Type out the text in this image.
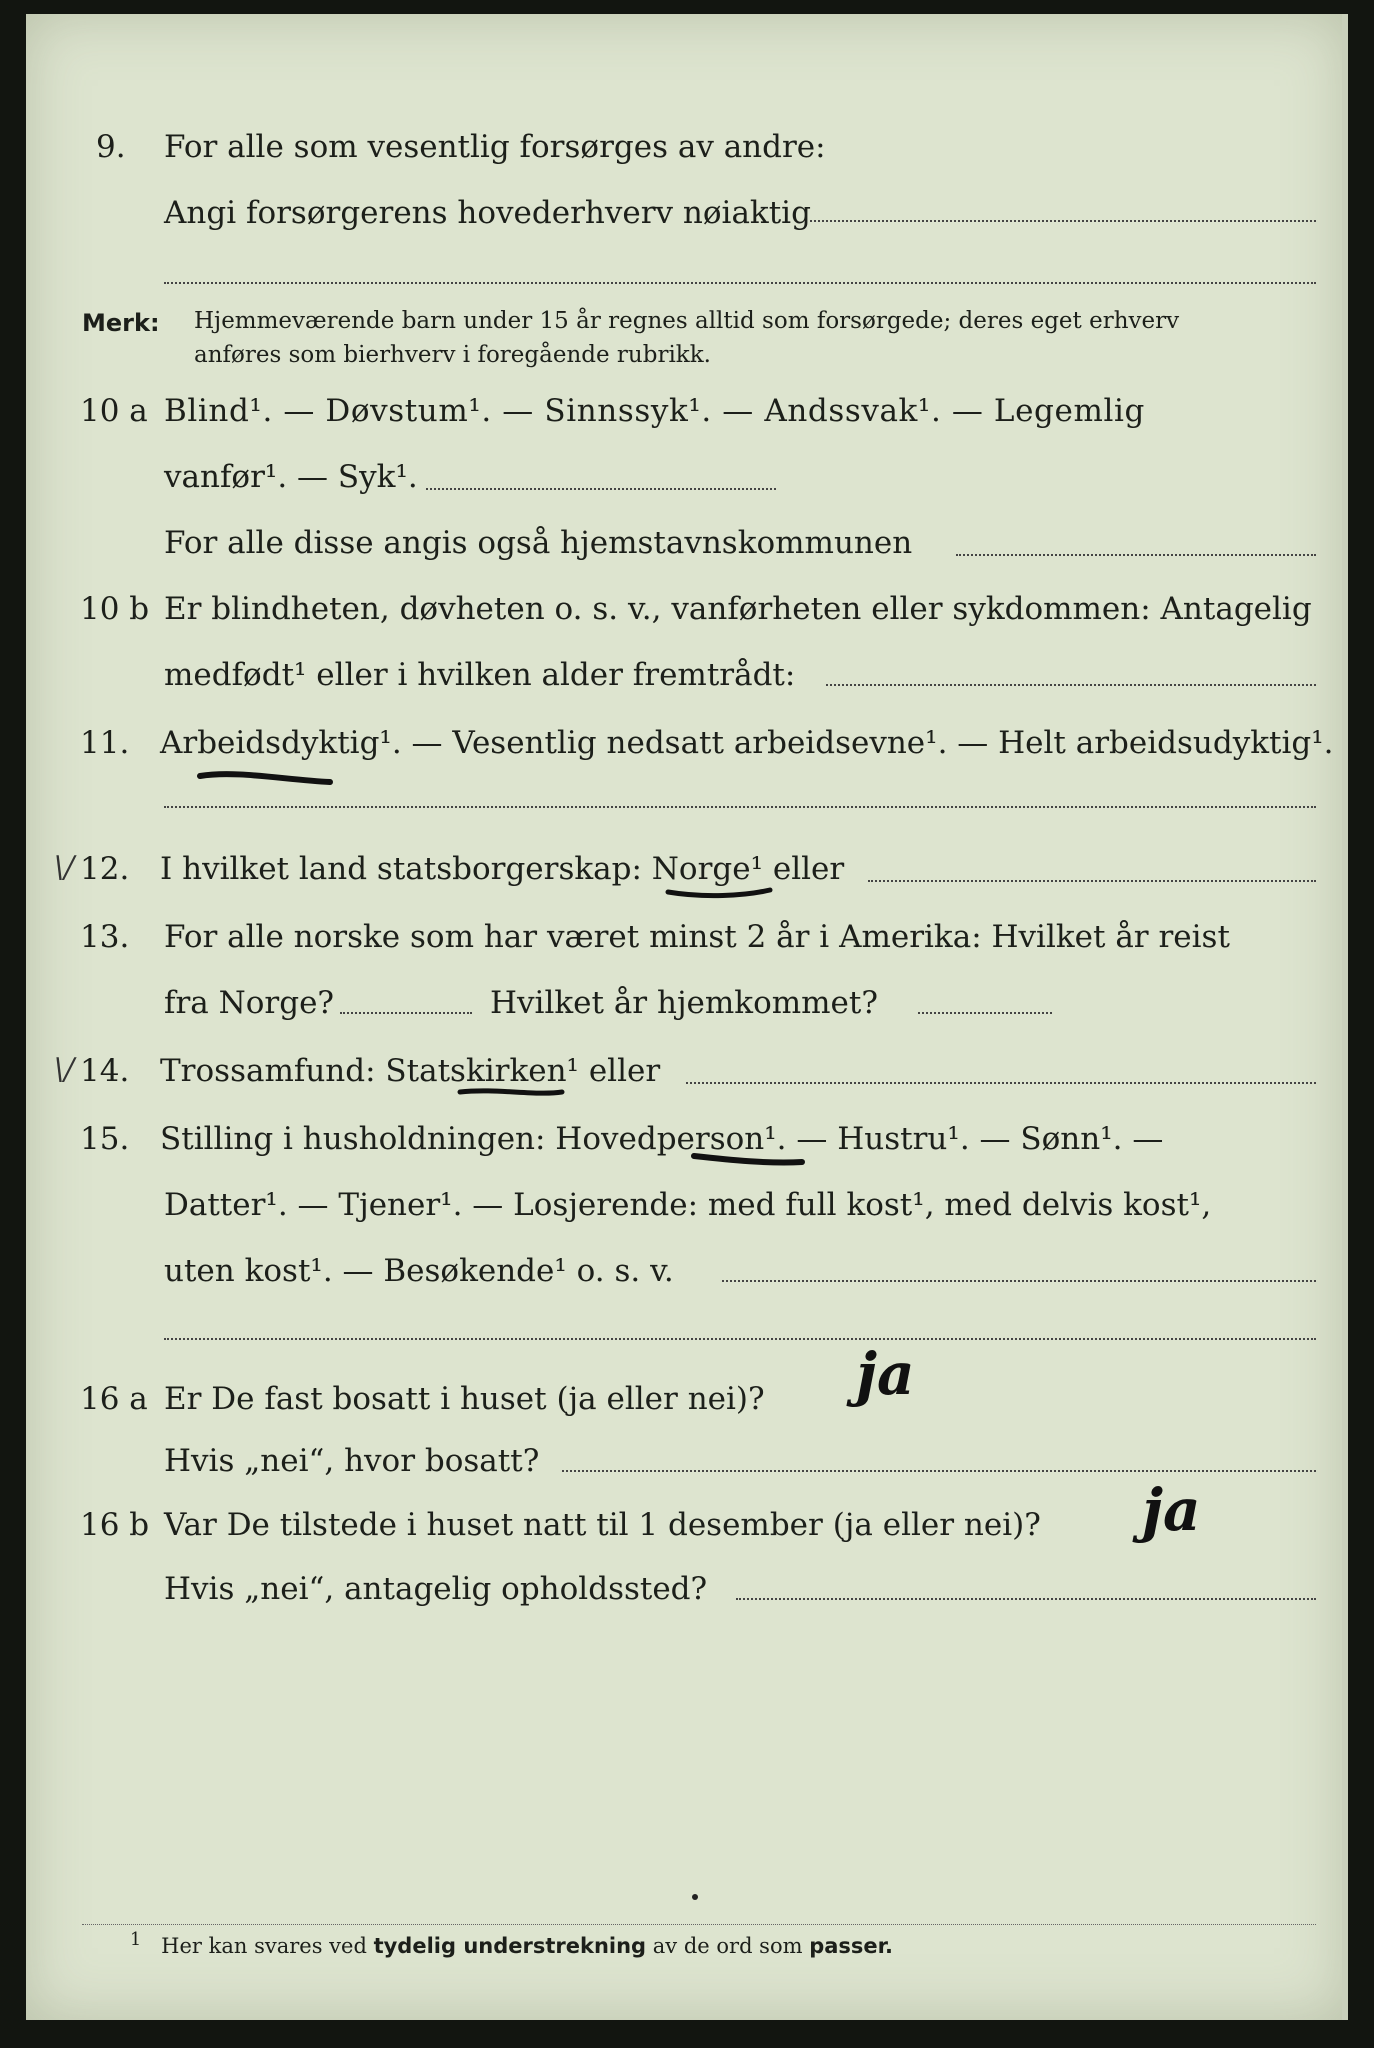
9. For alle som vesentlig forsørges av andre:
Angi forsørgerens hovederhverv nøiaktig
Merk: Hjemmeværende barn under 15 år regnes alltid som forsørgede; deres eget erhverv
anføres som bierhverv i foregående rubrikk.
10 a Blind¹. — Døvstum¹. — Sinnssyk¹. — Andssvak¹. — Legemlig
vanfør¹. — Syk¹.
For alle disse angis også hjemstavnskommunen
10 b Er blindheten, døvheten o. s. v., vanførheten eller sykdommen: Antagelig
medfødt¹ eller i hvilken alder fremtrådt:
11. Arbeidsdyktig¹. — Vesentlig nedsatt arbeidsevne¹. — Helt arbeidsudyktig¹.
\/ 12. I hvilket land statsborgerskap: Norge¹ eller
13. For alle norske som har været minst 2 år i Amerika: Hvilket år reist
fra Norge?	Hvilket år hjemkommet?
\/ 14. Trossamfund: Statskirken¹ eller
15. Stilling i husholdningen: Hovedperson¹. — Hustru¹. — Sønn¹. —
Datter¹. — Tjener¹. — Losjerende: med full kost¹, med delvis kost¹,
uten kost¹. — Besøkende¹ o. s. v.
16 a Er De fast bosatt i huset (ja eller nei)? ja
Hvis „nei“, hvor bosatt?
16 b Var De tilstede i huset natt til 1 desember (ja eller nei)? ja
Hvis „nei“, antagelig opholdssted?
$^1$ Her kan svares ved tydelig understrekning av de ord som passer.
